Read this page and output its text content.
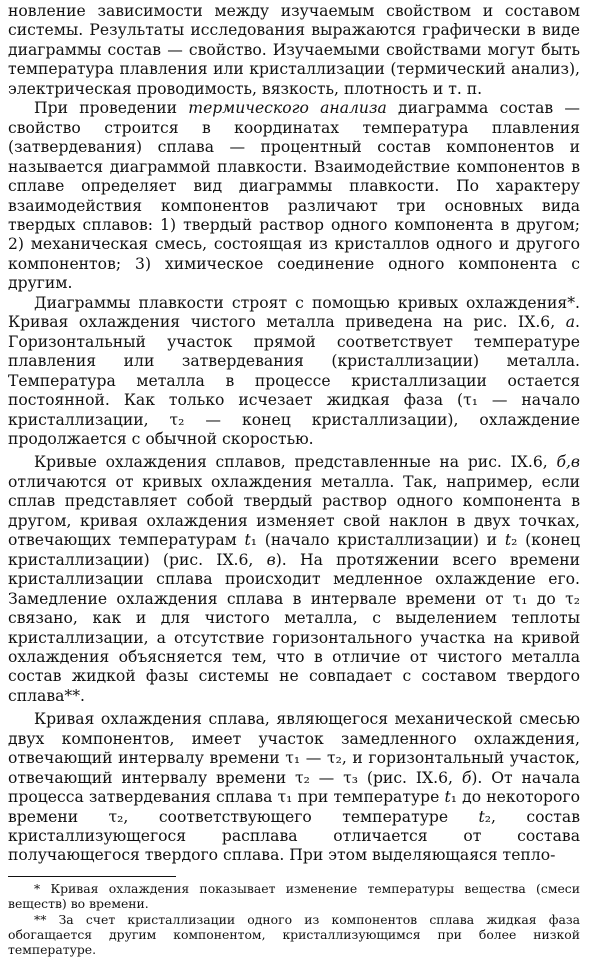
новление зависимости между изучаемым свойством и составом системы. Результаты исследования выражаются графически в виде диаграммы состав — свойство. Изучаемыми свойствами могут быть температура плавления или кристаллизации (термический анализ), электрическая проводимость, вязкость, плотность и т. п.

При проведении термического анализа диаграмма состав — свойство строится в координатах температура плавления (затвердевания) сплава — процентный состав компонентов и называется диаграммой плавкости. Взаимодействие компонентов в сплаве определяет вид диаграммы плавкости. По характеру взаимодействия компонентов различают три основных вида твердых сплавов: 1) твердый раствор одного компонента в другом; 2) механическая смесь, состоящая из кристаллов одного и другого компонентов; 3) химическое соединение одного компонента с другим.

Диаграммы плавкости строят с помощью кривых охлаждения*. Кривая охлаждения чистого металла приведена на рис. IX.6, а. Горизонтальный участок прямой соответствует температуре плавления или затвердевания (кристаллизации) металла. Температура металла в процессе кристаллизации остается постоянной. Как только исчезает жидкая фаза (τ₁ — начало кристаллизации, τ₂ — конец кристаллизации), охлаждение продолжается с обычной скоростью.

Кривые охлаждения сплавов, представленные на рис. IX.6, б,в отличаются от кривых охлаждения металла. Так, например, если сплав представляет собой твердый раствор одного компонента в другом, кривая охлаждения изменяет свой наклон в двух точках, отвечающих температурам t₁ (начало кристаллизации) и t₂ (конец кристаллизации) (рис. IX.6, в). На протяжении всего времени кристаллизации сплава происходит медленное охлаждение его. Замедление охлаждения сплава в интервале времени от τ₁ до τ₂ связано, как и для чистого металла, с выделением теплоты кристаллизации, а отсутствие горизонтального участка на кривой охлаждения объясняется тем, что в отличие от чистого металла состав жидкой фазы системы не совпадает с составом твердого сплава**.

Кривая охлаждения сплава, являющегося механической смесью двух компонентов, имеет участок замедленного охлаждения, отвечающий интервалу времени τ₁ — τ₂, и горизонтальный участок, отвечающий интервалу времени τ₂ — τ₃ (рис. IX.6, б). От начала процесса затвердевания сплава τ₁ при температуре t₁ до некоторого времени τ₂, соответствующего температуре t₂, состав кристаллизующегося расплава отличается от состава получающегося твердого сплава. При этом выделяющаяся тепло-

* Кривая охлаждения показывает изменение температуры вещества (смеси веществ) во времени.

** За счет кристаллизации одного из компонентов сплава жидкая фаза обогащается другим компонентом, кристаллизующимся при более низкой температуре.
